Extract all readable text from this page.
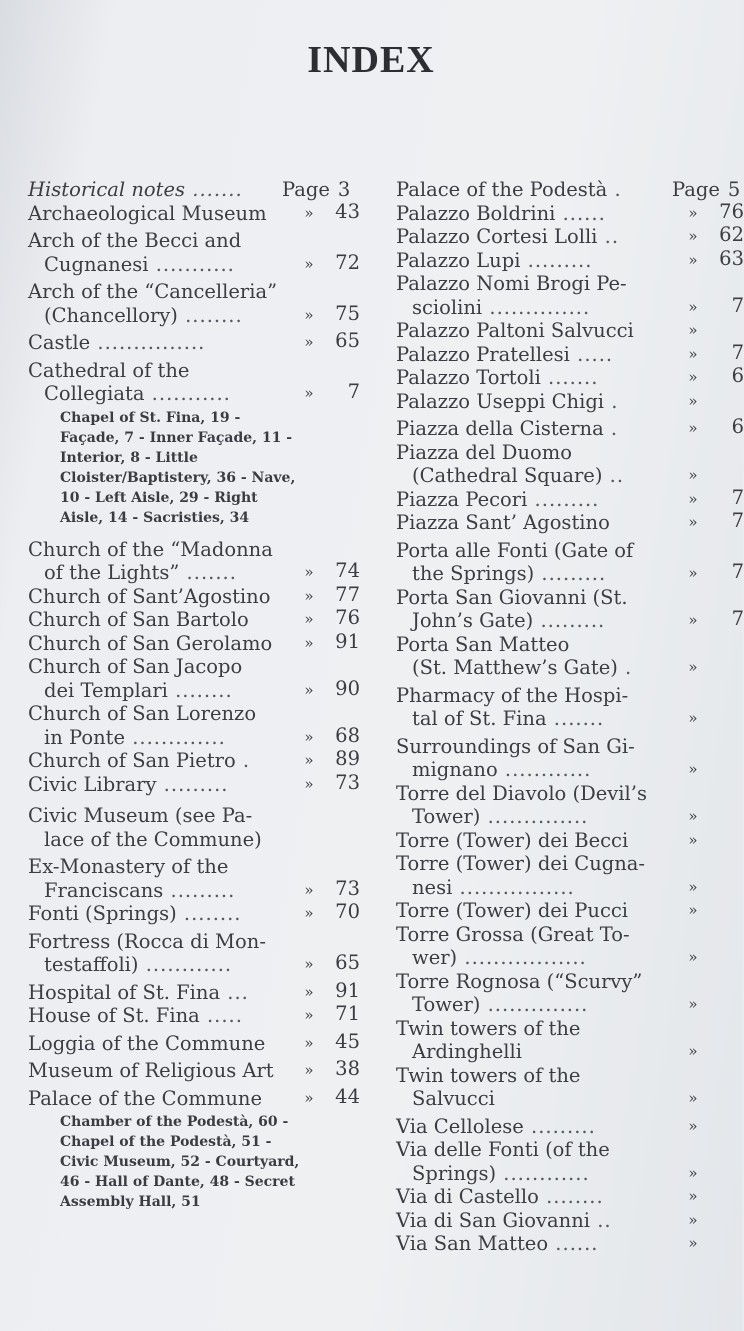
INDEX
Historical notes .......	Page 3
Archaeological Museum	» 43
Arch of the Becci and
Cugnanesi ...........	» 72
Arch of the “Cancelleria”
(Chancellory) ........	» 75
Castle ...............	» 65
Cathedral of the
Collegiata ...........	» 7
Chapel of St. Fina, 19 - Façade, 7 - Inner Façade, 11 - Interior, 8 - Little Cloister/Baptistery, 36 - Nave, 10 - Left Aisle, 29 - Right Aisle, 14 - Sacristies, 34
Church of the “Madonna
of the Lights” .......	» 74
Church of Sant’Agostino	» 77
Church of San Bartolo	» 76
Church of San Gerolamo	» 91
Church of San Jacopo
dei Templari ........	» 90
Church of San Lorenzo
in Ponte .............	» 68
Church of San Pietro .	» 89
Civic Library .........	» 73
Civic Museum (see Pa-
lace of the Commune)
Ex-Monastery of the
Franciscans .........	» 73
Fonti (Springs) ........	» 70
Fortress (Rocca di Mon-
testaffoli) ............	» 65
Hospital of St. Fina ...	» 91
House of St. Fina .....	» 71
Loggia of the Commune	» 45
Museum of Religious Art	» 38
Palace of the Commune	» 44
Chamber of the Podestà, 60 - Chapel of the Podestà, 51 - Civic Museum, 52 - Courtyard, 46 - Hall of Dante, 48 - Secret Assembly Hall, 51
Palace of the Podestà .	Page 5
Palazzo Boldrini ......	» 76
Palazzo Cortesi Lolli ..	» 62
Palazzo Lupi .........	» 63
Palazzo Nomi Brogi Pe-
sciolini ..............	» 7
Palazzo Paltoni Salvucci	»
Palazzo Pratellesi .....	» 7
Palazzo Tortoli .......	» 6
Palazzo Useppi Chigi .	»
Piazza della Cisterna .	» 6
Piazza del Duomo
(Cathedral Square) ..	»
Piazza Pecori .........	» 7
Piazza Sant’ Agostino	» 7
Porta alle Fonti (Gate of
the Springs) .........	» 7
Porta San Giovanni (St.
John’s Gate) .........	» 7
Porta San Matteo
(St. Matthew’s Gate) .	»
Pharmacy of the Hospi-
tal of St. Fina .......	»
Surroundings of San Gi-
mignano ............	»
Torre del Diavolo (Devil’s
Tower) ..............	»
Torre (Tower) dei Becci	»
Torre (Tower) dei Cugna-
nesi ................	»
Torre (Tower) dei Pucci	»
Torre Grossa (Great To-
wer) .................	»
Torre Rognosa (“Scurvy”
Tower) ..............	»
Twin towers of the
Ardinghelli	»
Twin towers of the
Salvucci	»
Via Cellolese .........	»
Via delle Fonti (of the
Springs) ............	»
Via di Castello ........	»
Via di San Giovanni ..	»
Via San Matteo ......	»
